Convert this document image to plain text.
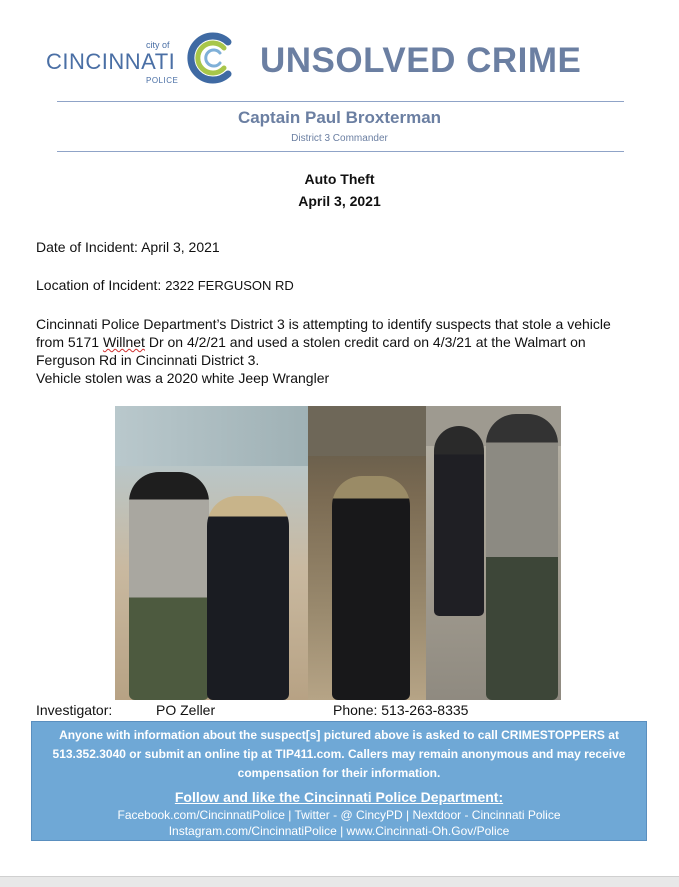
city of
CINCINNATI
POLICE
UNSOLVED CRIME
Captain Paul Broxterman
District 3 Commander
Auto Theft
April 3, 2021
Date of Incident: April 3, 2021
Location of Incident: 2322 FERGUSON RD
Cincinnati Police Department’s District 3 is attempting to identify suspects that stole a vehicle
from 5171 Willnet Dr on 4/2/21 and used a stolen credit card on 4/3/21 at the Walmart on
Ferguson Rd in Cincinnati District 3.
Vehicle stolen was a 2020 white Jeep Wrangler
Investigator:	PO Zeller	Phone: 513-263-8335
Anyone with information about the suspect[s] pictured above is asked to call CRIMESTOPPERS at
513.352.3040 or submit an online tip at TIP411.com. Callers may remain anonymous and may receive
compensation for their information.
Follow and like the Cincinnati Police Department:
Facebook.com/CincinnatiPolice | Twitter - @ CincyPD | Nextdoor - Cincinnati Police
Instagram.com/CincinnatiPolice | www.Cincinnati-Oh.Gov/Police
